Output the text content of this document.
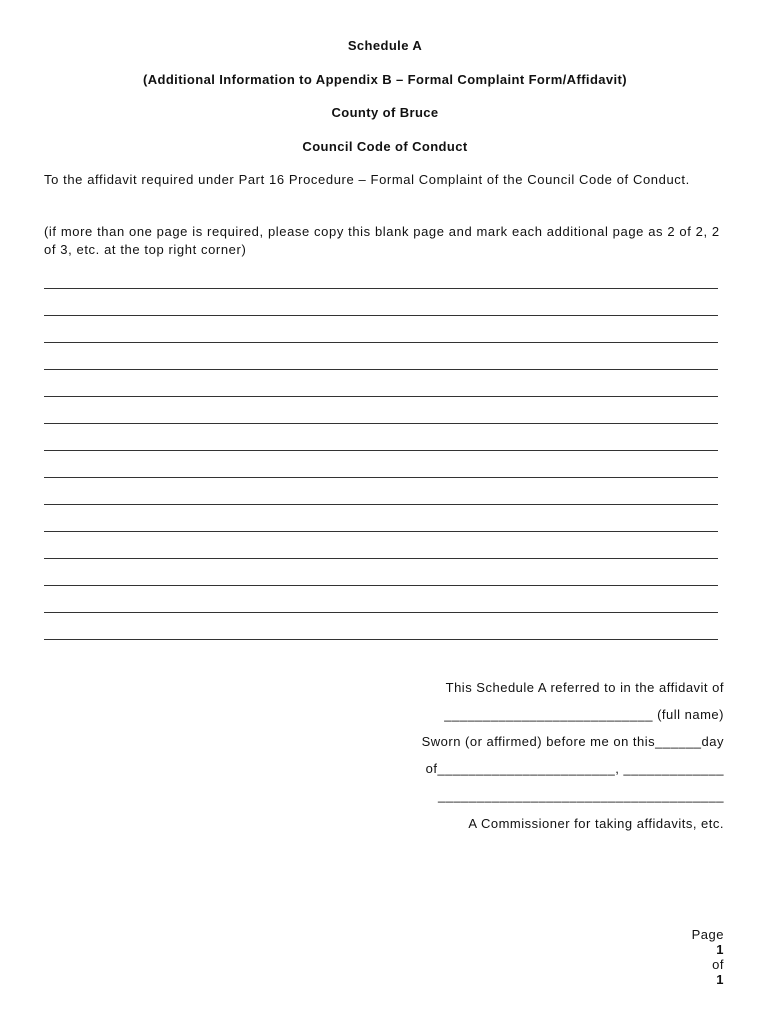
Schedule A
(Additional Information to Appendix B – Formal Complaint Form/Affidavit)
County of Bruce
Council Code of Conduct
To the affidavit required under Part 16 Procedure – Formal Complaint of the Council Code of Conduct.
(if more than one page is required, please copy this blank page and mark each additional page as 2 of 2, 2 of 3, etc. at the top right corner)
This Schedule A referred to in the affidavit of
___________________________ (full name)
Sworn (or affirmed) before me on this______day
of_______________________, _____________
_____________________________________
A Commissioner for taking affidavits, etc.

Page
1
of
1
